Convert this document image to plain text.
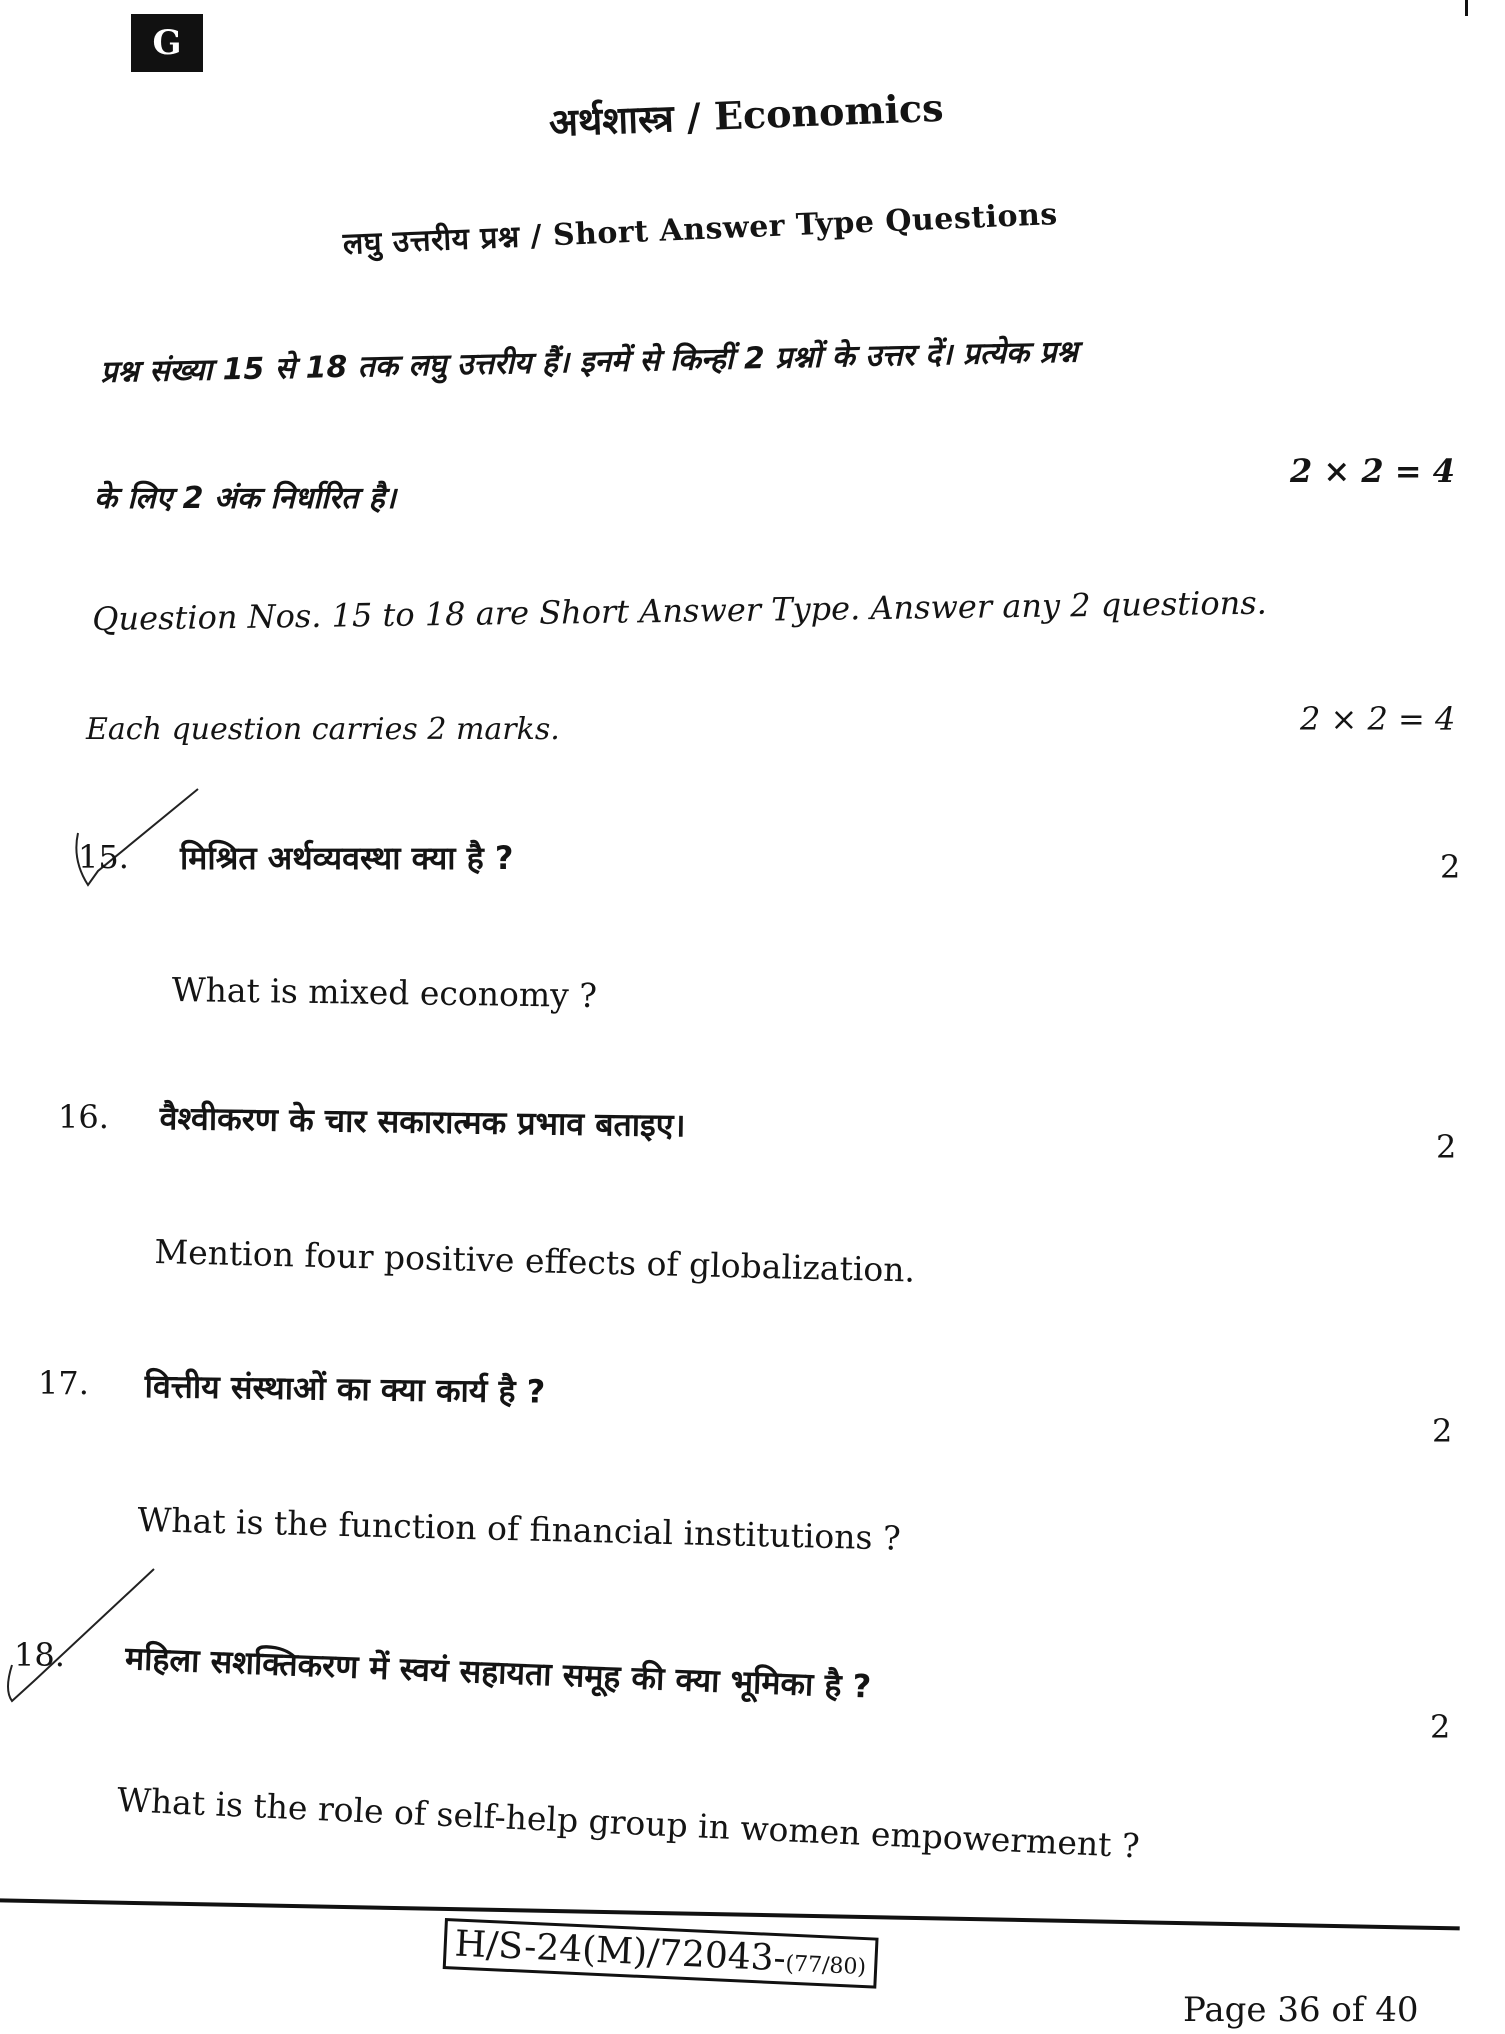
G
अर्थशास्त्र / Economics
लघु उत्तरीय प्रश्न / Short Answer Type Questions
प्रश्न संख्या 15 से 18 तक लघु उत्तरीय हैं। इनमें से किन्हीं 2 प्रश्नों के उत्तर दें। प्रत्येक प्रश्न
के लिए 2 अंक निर्धारित है।
2 × 2 = 4
Question Nos. 15 to 18 are Short Answer Type. Answer any 2 questions.
Each question carries 2 marks.	2 × 2 = 4
15. मिश्रित अर्थव्यवस्था क्या है ?	2
What is mixed economy ?
16. वैश्वीकरण के चार सकारात्मक प्रभाव बताइए।
2
Mention four positive effects of globalization.
17. वित्तीय संस्थाओं का क्या कार्य है ?
2
What is the function of financial institutions ?
18. महिला सशक्तिकरण में स्वयं सहायता समूह की क्या भूमिका है ?
2
What is the role of self-help group in women empowerment ?
H/S-24(M)/72043-(77/80)
Page 36 of 40
